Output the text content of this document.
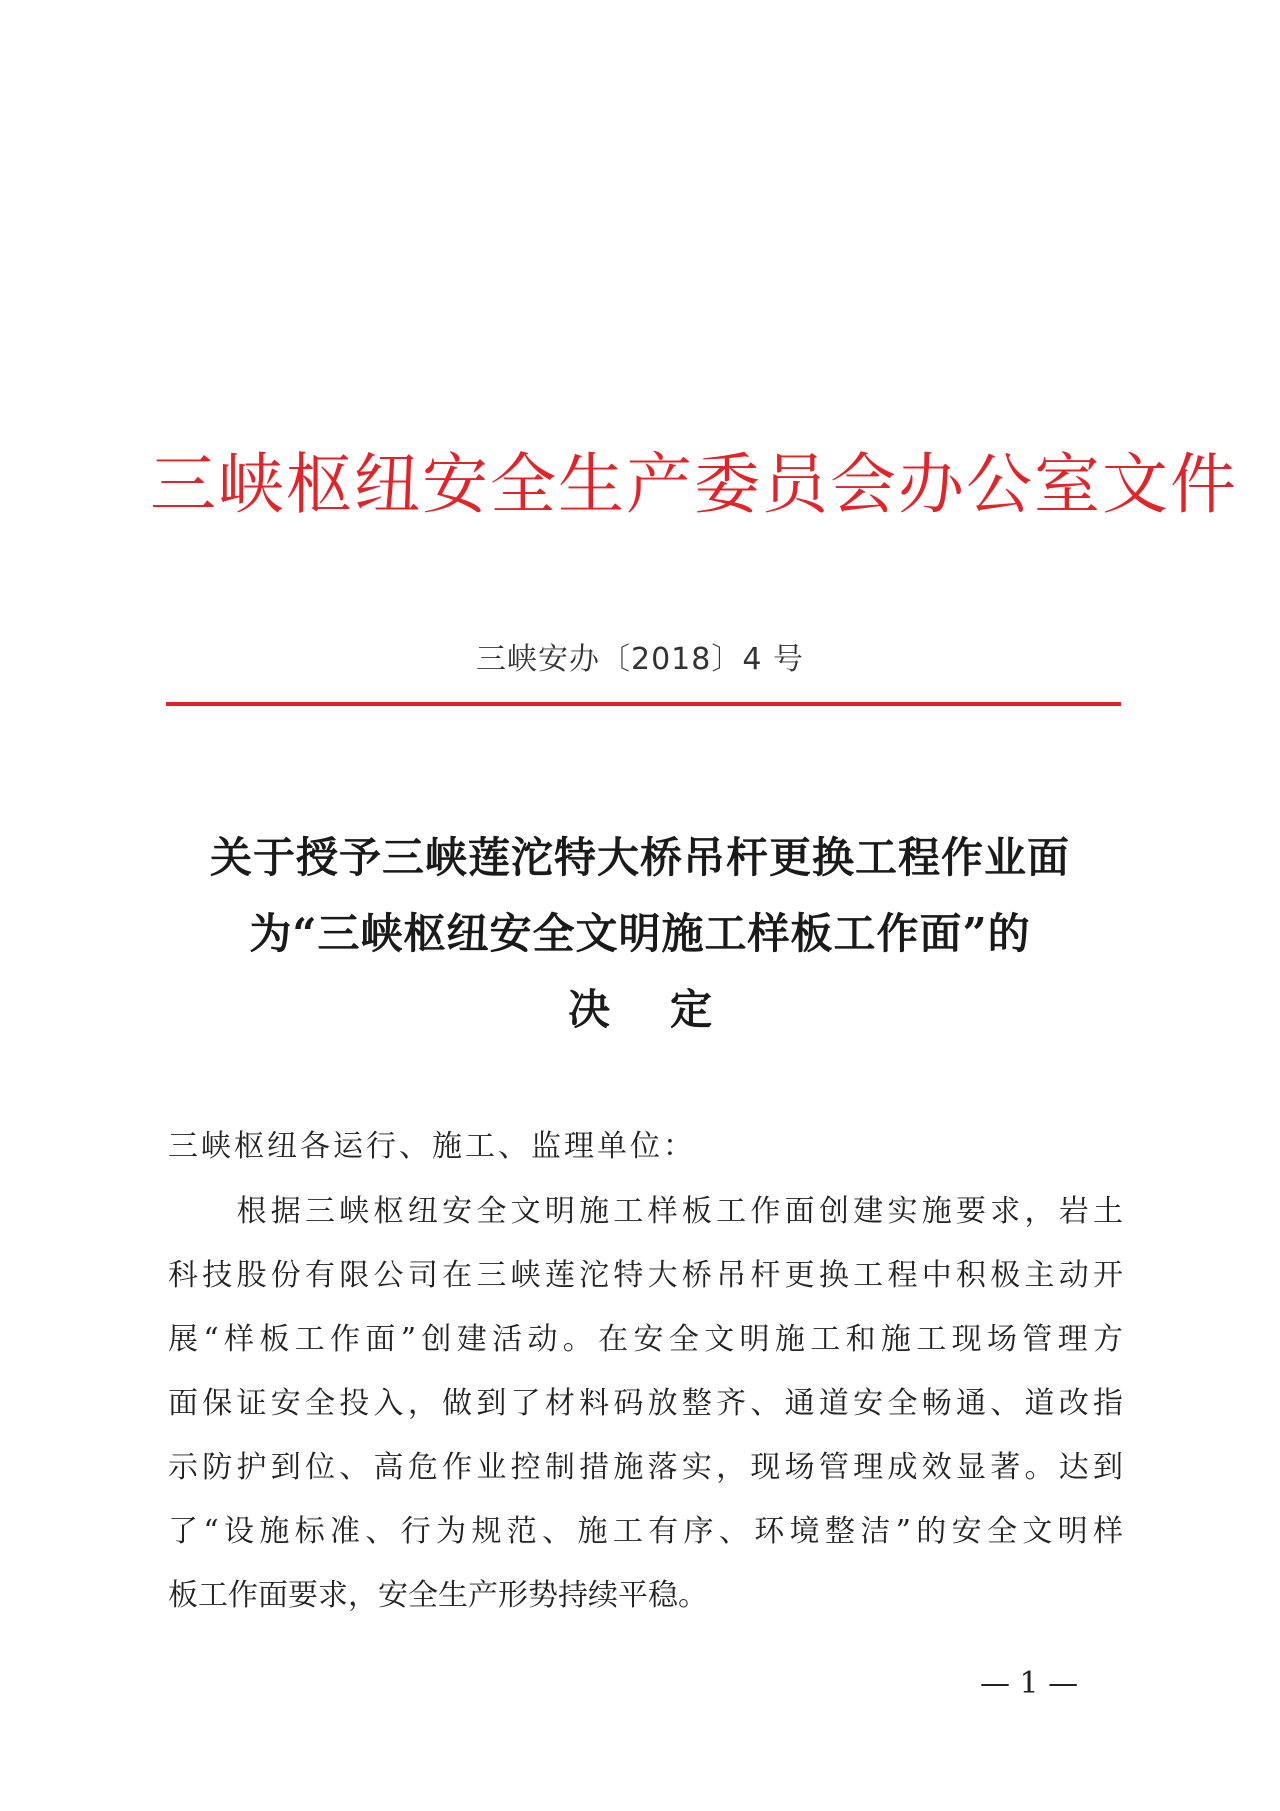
三峡枢纽安全生产委员会办公室文件
三峡安办〔2018〕4 号
关于授予三峡莲沱特大桥吊杆更换工程作业面
为“三峡枢纽安全文明施工样板工作面”的
决定
三峡枢纽各运行、施工、监理单位：
　　根据三峡枢纽安全文明施工样板工作面创建实施要求，岩土
科技股份有限公司在三峡莲沱特大桥吊杆更换工程中积极主动开
展“样板工作面”创建活动。在安全文明施工和施工现场管理方
面保证安全投入，做到了材料码放整齐、通道安全畅通、道改指
示防护到位、高危作业控制措施落实，现场管理成效显著。达到
了“设施标准、行为规范、施工有序、环境整洁”的安全文明样
板工作面要求，安全生产形势持续平稳。
— 1 —
